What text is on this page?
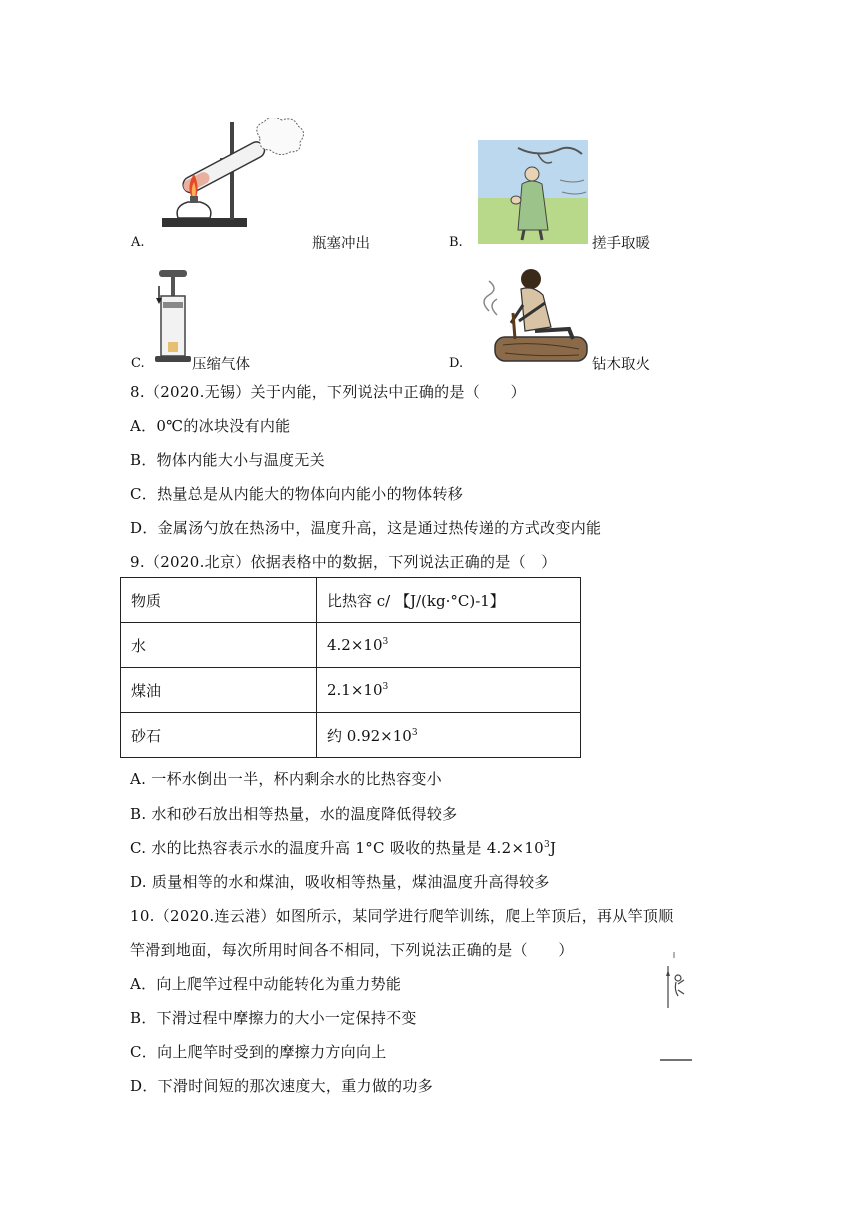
A.	瓶塞冲出	B.	搓手取暖
C.	压缩气体	D.	钻木取火
8.（2020.无锡）关于内能，下列说法中正确的是（　　）
A．0℃的冰块没有内能
B．物体内能大小与温度无关
C．热量总是从内能大的物体向内能小的物体转移
D．金属汤勺放在热汤中，温度升高，这是通过热传递的方式改变内能
9.（2020.北京）依据表格中的数据，下列说法正确的是（　）
物质	比热容 c/ 【J/(kg·°C)-1】
水	$4.2\times 10^3$
煤油	$2.1\times 10^3$
砂石	约 $0.92\times 10^3$
A. 一杯水倒出一半，杯内剩余水的比热容变小
B. 水和砂石放出相等热量，水的温度降低得较多
C. 水的比热容表示水的温度升高 1°C 吸收的热量是 $4.2\times 10^3J$
D. 质量相等的水和煤油，吸收相等热量，煤油温度升高得较多
10.（2020.连云港）如图所示，某同学进行爬竿训练，爬上竿顶后，再从竿顶顺
竿滑到地面，每次所用时间各不相同，下列说法正确的是（　　）
A．向上爬竿过程中动能转化为重力势能
B．下滑过程中摩擦力的大小一定保持不变
C．向上爬竿时受到的摩擦力方向向上
D．下滑时间短的那次速度大，重力做的功多
